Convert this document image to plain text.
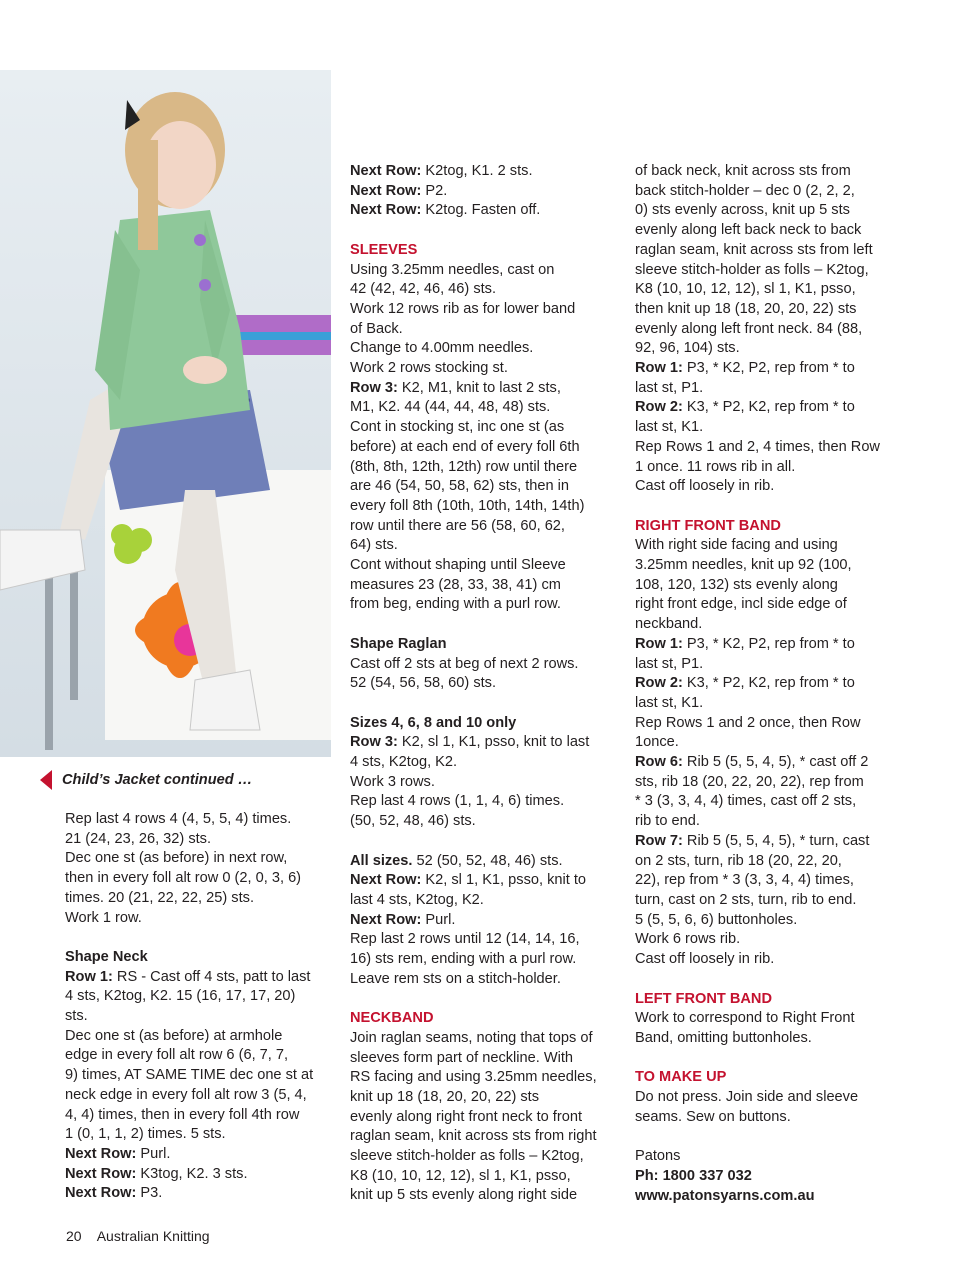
Child’s Jacket continued …

Rep last 4 rows 4 (4, 5, 5, 4) times.

21 (24, 23, 26, 32) sts.

Dec one st (as before) in next row,

then in every foll alt row 0 (2, 0, 3, 6)

times. 20 (21, 22, 22, 25) sts.

Work 1 row.

Shape Neck

Row 1: RS - Cast off 4 sts, patt to last

4 sts, K2tog, K2. 15 (16, 17, 17, 20)

sts.

Dec one st (as before) at armhole

edge in every foll alt row 6 (6, 7, 7,

9) times, AT SAME TIME dec one st at

neck edge in every foll alt row 3 (5, 4,

4, 4) times, then in every foll 4th row

1 (0, 1, 1, 2) times. 5 sts.

Next Row: Purl.

Next Row: K3tog, K2. 3 sts.

Next Row: P3.

Next Row: K2tog, K1. 2 sts.

Next Row: P2.

Next Row: K2tog. Fasten off.

SLEEVES

Using 3.25mm needles, cast on

42 (42, 42, 46, 46) sts.

Work 12 rows rib as for lower band

of Back.

Change to 4.00mm needles.

Work 2 rows stocking st.

Row 3: K2, M1, knit to last 2 sts,

M1, K2. 44 (44, 44, 48, 48) sts.

Cont in stocking st, inc one st (as

before) at each end of every foll 6th

(8th, 8th, 12th, 12th) row until there

are 46 (54, 50, 58, 62) sts, then in

every foll 8th (10th, 10th, 14th, 14th)

row until there are 56 (58, 60, 62,

64) sts.

Cont without shaping until Sleeve

measures 23 (28, 33, 38, 41) cm

from beg, ending with a purl row.

Shape Raglan

Cast off 2 sts at beg of next 2 rows.

52 (54, 56, 58, 60) sts.

Sizes 4, 6, 8 and 10 only

Row 3: K2, sl 1, K1, psso, knit to last

4 sts, K2tog, K2.

Work 3 rows.

Rep last 4 rows (1, 1, 4, 6) times.

(50, 52, 48, 46) sts.

All sizes. 52 (50, 52, 48, 46) sts.

Next Row: K2, sl 1, K1, psso, knit to

last 4 sts, K2tog, K2.

Next Row: Purl.

Rep last 2 rows until 12 (14, 14, 16,

16) sts rem, ending with a purl row.

Leave rem sts on a stitch-holder.

NECKBAND

Join raglan seams, noting that tops of

sleeves form part of neckline. With

RS facing and using 3.25mm needles,

knit up 18 (18, 20, 20, 22) sts

evenly along right front neck to front

raglan seam, knit across sts from right

sleeve stitch-holder as folls – K2tog,

K8 (10, 10, 12, 12), sl 1, K1, psso,

knit up 5 sts evenly along right side

of back neck, knit across sts from

back stitch-holder – dec 0 (2, 2, 2,

0) sts evenly across, knit up 5 sts

evenly along left back neck to back

raglan seam, knit across sts from left

sleeve stitch-holder as folls – K2tog,

K8 (10, 10, 12, 12), sl 1, K1, psso,

then knit up 18 (18, 20, 20, 22) sts

evenly along left front neck. 84 (88,

92, 96, 104) sts.

Row 1: P3, * K2, P2, rep from * to

last st, P1.

Row 2: K3, * P2, K2, rep from * to

last st, K1.

Rep Rows 1 and 2, 4 times, then Row

1 once. 11 rows rib in all.

Cast off loosely in rib.

RIGHT FRONT BAND

With right side facing and using

3.25mm needles, knit up 92 (100,

108, 120, 132) sts evenly along

right front edge, incl side edge of

neckband.

Row 1: P3, * K2, P2, rep from * to

last st, P1.

Row 2: K3, * P2, K2, rep from * to

last st, K1.

Rep Rows 1 and 2 once, then Row

1once.

Row 6: Rib 5 (5, 5, 4, 5), * cast off 2

sts, rib 18 (20, 22, 20, 22), rep from

* 3 (3, 3, 4, 4) times, cast off 2 sts,

rib to end.

Row 7: Rib 5 (5, 5, 4, 5), * turn, cast

on 2 sts, turn, rib 18 (20, 22, 20,

22), rep from * 3 (3, 3, 4, 4) times,

turn, cast on 2 sts, turn, rib to end.

5 (5, 5, 6, 6) buttonholes.

Work 6 rows rib.

Cast off loosely in rib.

LEFT FRONT BAND

Work to correspond to Right Front

Band, omitting buttonholes.

TO MAKE UP

Do not press. Join side and sleeve

seams. Sew on buttons.

Patons

Ph: 1800 337 032

www.patonsyarns.com.au

20 Australian Knitting
